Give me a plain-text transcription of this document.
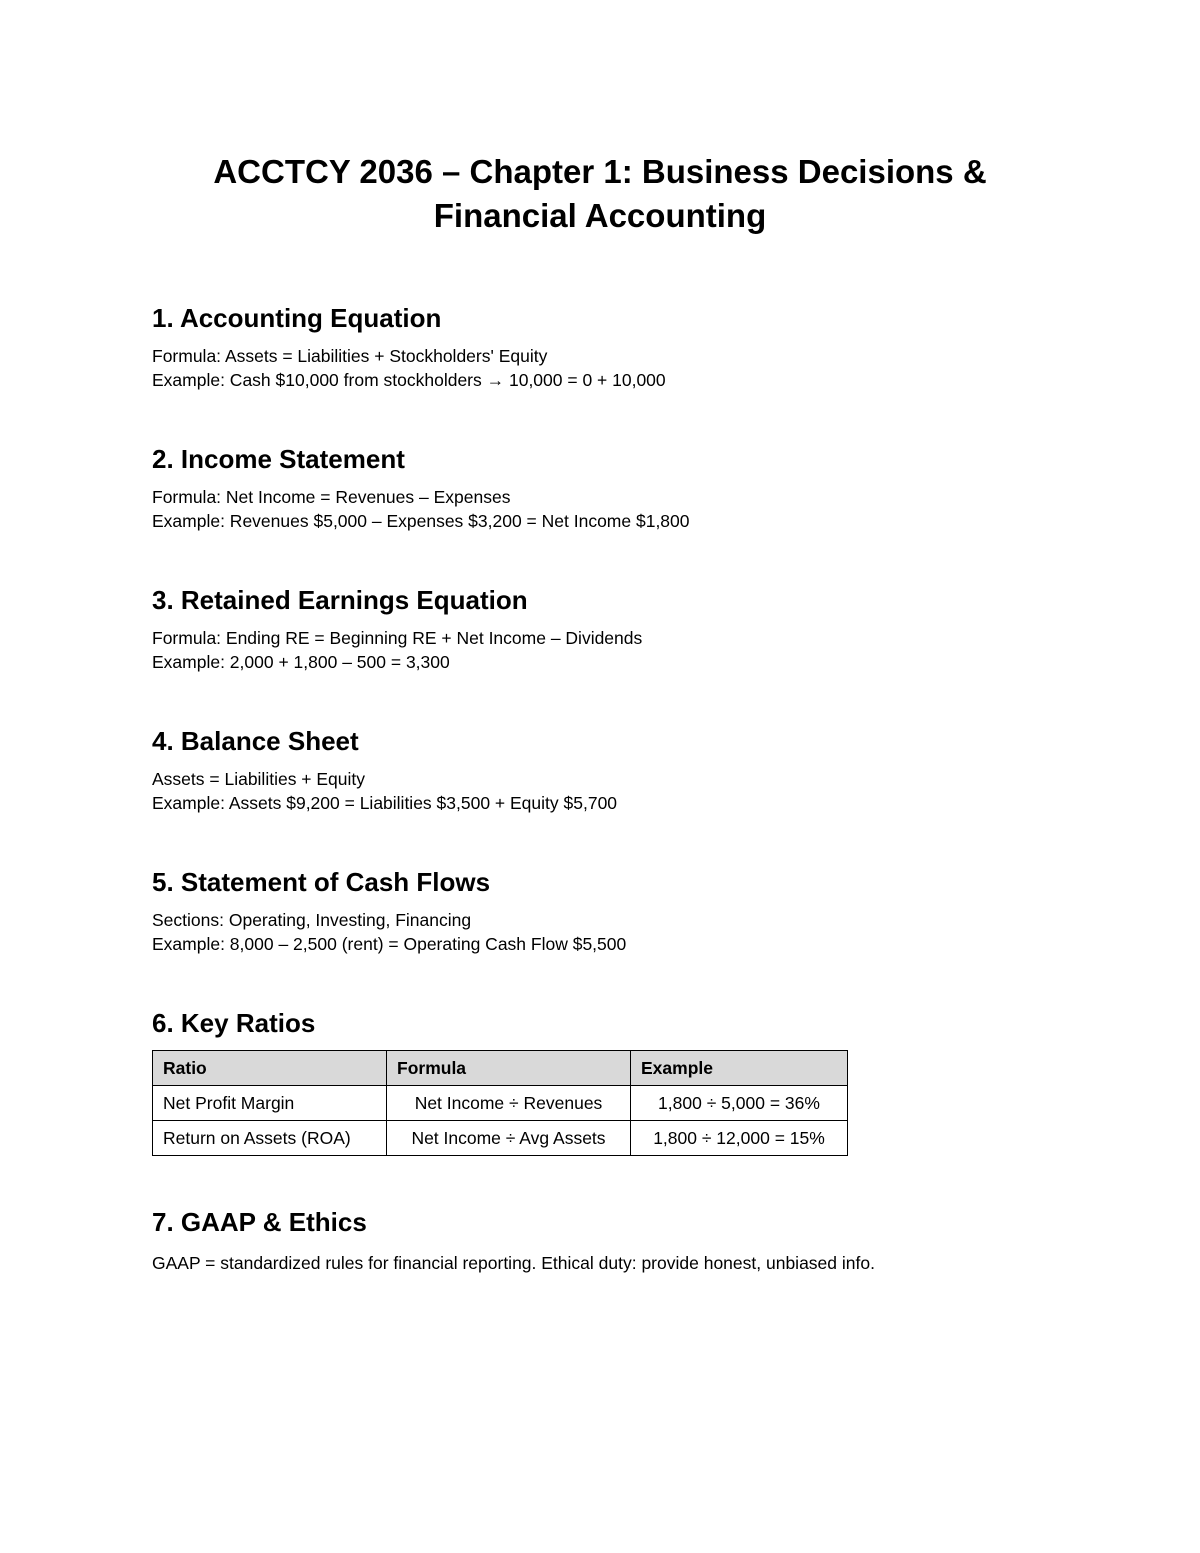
ACCTCY 2036 – Chapter 1: Business Decisions &
Financial Accounting
1. Accounting Equation
Formula: Assets = Liabilities + Stockholders' Equity
Example: Cash $10,000 from stockholders → 10,000 = 0 + 10,000
2. Income Statement
Formula: Net Income = Revenues – Expenses
Example: Revenues $5,000 – Expenses $3,200 = Net Income $1,800
3. Retained Earnings Equation
Formula: Ending RE = Beginning RE + Net Income – Dividends
Example: 2,000 + 1,800 – 500 = 3,300
4. Balance Sheet
Assets = Liabilities + Equity
Example: Assets $9,200 = Liabilities $3,500 + Equity $5,700
5. Statement of Cash Flows
Sections: Operating, Investing, Financing
Example: 8,000 – 2,500 (rent) = Operating Cash Flow $5,500
6. Key Ratios
Ratio	Formula	Example
Net Profit Margin	Net Income ÷ Revenues	1,800 ÷ 5,000 = 36%
Return on Assets (ROA)	Net Income ÷ Avg Assets	1,800 ÷ 12,000 = 15%
7. GAAP & Ethics
GAAP = standardized rules for financial reporting. Ethical duty: provide honest, unbiased info.
